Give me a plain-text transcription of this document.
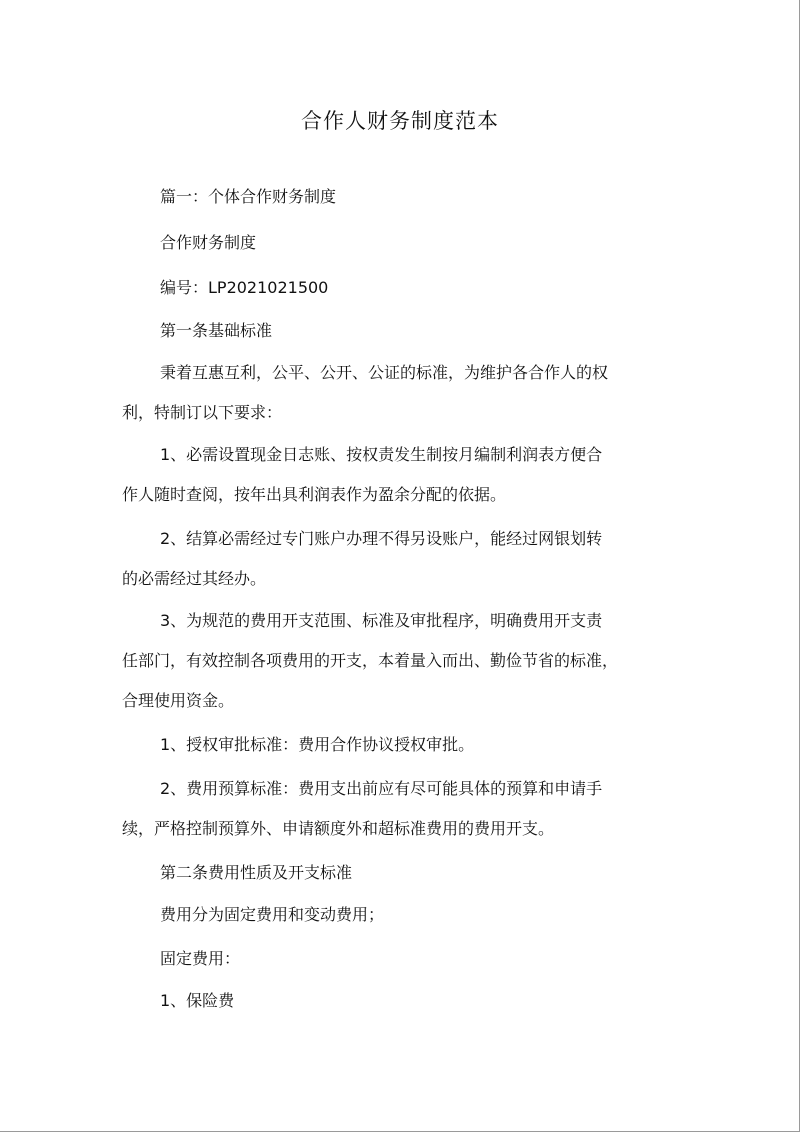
合作人财务制度范本
篇一：个体合作财务制度
合作财务制度
编号：LP2021021500
第一条基础标准
秉着互惠互利，公平、公开、公证的标准，为维护各合作人的权
利，特制订以下要求：
1、必需设置现金日志账、按权责发生制按月编制利润表方便合
作人随时查阅，按年出具利润表作为盈余分配的依据。
2、结算必需经过专门账户办理不得另设账户，能经过网银划转
的必需经过其经办。
3、为规范的费用开支范围、标准及审批程序，明确费用开支责
任部门，有效控制各项费用的开支，本着量入而出、勤俭节省的标准，
合理使用资金。
1、授权审批标准：费用合作协议授权审批。
2、费用预算标准：费用支出前应有尽可能具体的预算和申请手
续，严格控制预算外、申请额度外和超标准费用的费用开支。
第二条费用性质及开支标准
费用分为固定费用和变动费用；
固定费用：
1、保险费
